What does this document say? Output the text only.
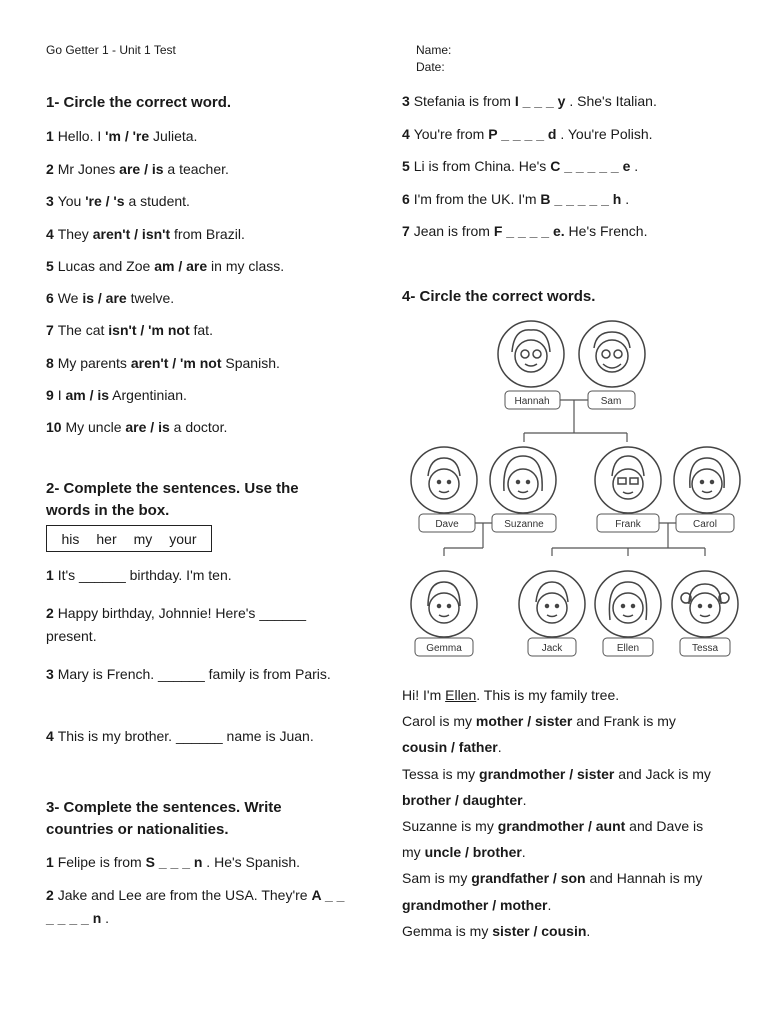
Go Getter 1 - Unit 1 Test	Name:
Date:
1- Circle the correct word.
1 Hello. I 'm / 're Julieta.
2 Mr Jones are / is a teacher.
3 You 're / 's a student.
4 They aren't / isn't from Brazil.
5 Lucas and Zoe am / are in my class.
6 We is / are twelve.
7 The cat isn't / 'm not fat.
8 My parents aren't / 'm not Spanish.
9 I am / is Argentinian.
10 My uncle are / is a doctor.
2- Complete the sentences. Use the words in the box.
his her my your
1 It's ______ birthday. I'm ten.
2 Happy birthday, Johnnie! Here's ______ present.
3 Mary is French. ______ family is from Paris.
4 This is my brother. ______ name is Juan.
3- Complete the sentences. Write countries or nationalities.
1 Felipe is from S _ _ _ n . He's Spanish.
2 Jake and Lee are from the USA. They're A _ _ _ _ _ _ n .
3 Stefania is from I _ _ _ y . She's Italian.
4 You're from P _ _ _ _ d . You're Polish.
5 Li is from China. He's C _ _ _ _ _ e .
6 I'm from the UK. I'm B _ _ _ _ _ h .
7 Jean is from F _ _ _ _ e. He's French.
4- Circle the correct words.
Hannah	Sam
Dave	Suzanne	Frank	Carol
Gemma	Jack	Ellen	Tessa
Hi! I'm Ellen. This is my family tree.
Carol is my mother / sister and Frank is my cousin / father.
Tessa is my grandmother / sister and Jack is my brother / daughter.
Suzanne is my grandmother / aunt and Dave is my uncle / brother.
Sam is my grandfather / son and Hannah is my grandmother / mother.
Gemma is my sister / cousin.
